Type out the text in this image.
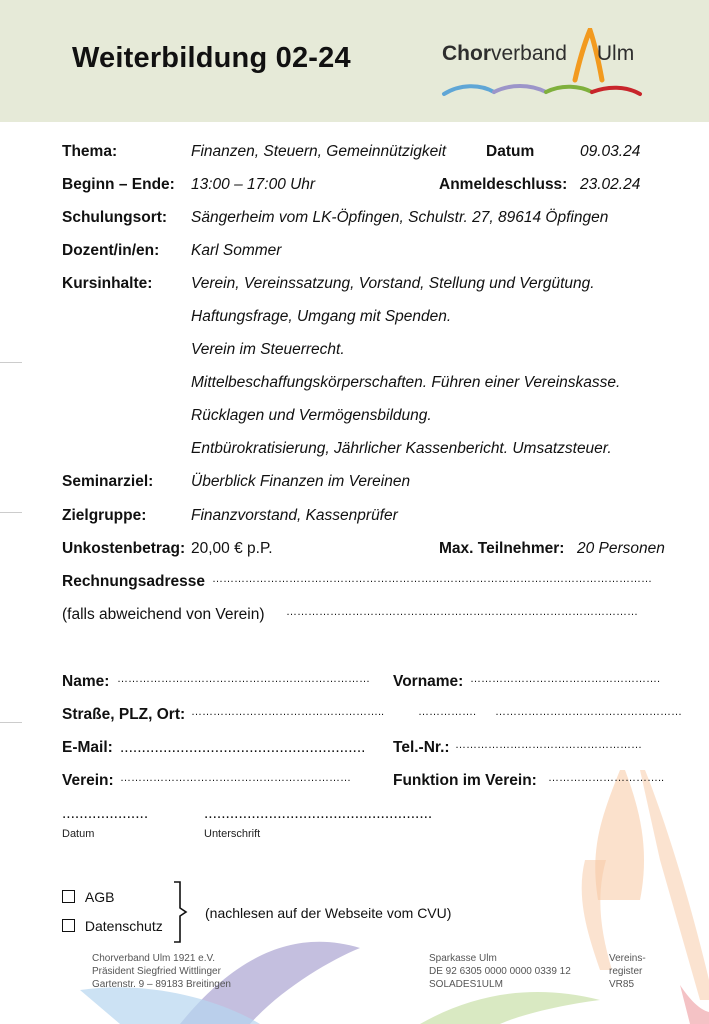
Weiterbildung 02-24	Chorverband Ulm
Thema:	Finanzen, Steuern, Gemeinnützigkeit	Datum	09.03.24
Beginn – Ende: 13:00 – 17:00 Uhr	Anmeldeschluss: 23.02.24
Schulungsort: Sängerheim vom LK-Öpfingen, Schulstr. 27, 89614 Öpfingen
Dozent/in/en: Karl Sommer
Kursinhalte: Verein, Vereinssatzung, Vorstand, Stellung und Vergütung.
Haftungsfrage, Umgang mit Spenden.
Verein im Steuerrecht.
Mittelbeschaffungskörperschaften. Führen einer Vereinskasse.
Rücklagen und Vermögensbildung.
Entbürokratisierung, Jährlicher Kassenbericht. Umsatzsteuer.
Seminarziel: Überblick Finanzen im Vereinen
Zielgruppe:	Finanzvorstand, Kassenprüfer
Unkostenbetrag: 20,00 € p.P.	Max. Teilnehmer: 20 Personen
Rechnungsadresse …………………………………………………………………………………………………………
(falls abweichend von Verein) ……………………………………………………………………………………
Name: ……………………………………………………………	Vorname: …………………………………………….
Straße, PLZ, Ort: ……………………………………………..	…………….	……………………………………………
E-Mail: .........................................................	Tel.-Nr.: ……………………………………………
Verein: ………………………………………………………	Funktion im Verein: …………………………..
....................	.....................................................
Datum	Unterschrift
AGB
Datenschutz
(nachlesen auf der Webseite vom CVU)
Chorverband Ulm 1921 e.V.
Präsident Siegfried Wittlinger
Gartenstr. 9 – 89183 Breitingen
Sparkasse Ulm
DE 92 6305 0000 0000 0339 12
SOLADES1ULM
Vereins-
register
VR85
